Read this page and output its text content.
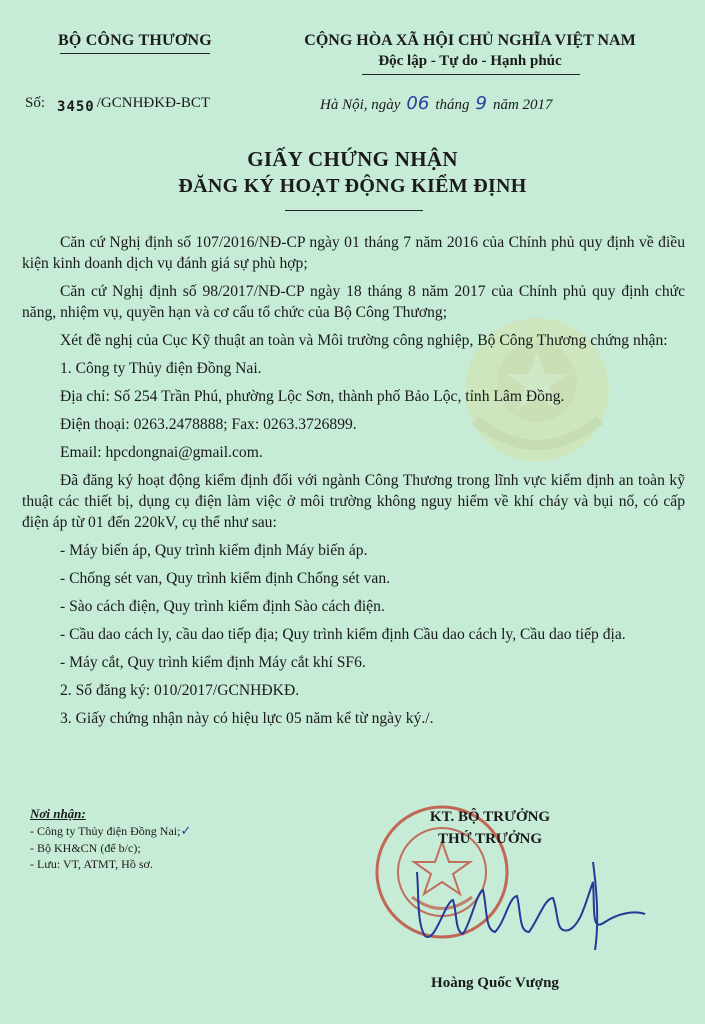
BỘ CÔNG THƯƠNG	CỘNG HÒA XÃ HỘI CHỦ NGHĨA VIỆT NAM
Độc lập - Tự do - Hạnh phúc
Số: 3450 /GCNHĐKĐ-BCT	Hà Nội, ngày 06 tháng 9 năm 2017
GIẤY CHỨNG NHẬN
ĐĂNG KÝ HOẠT ĐỘNG KIỂM ĐỊNH

Căn cứ Nghị định số 107/2016/NĐ-CP ngày 01 tháng 7 năm 2016 của Chính phủ quy định về điều kiện kinh doanh dịch vụ đánh giá sự phù hợp;

Căn cứ Nghị định số 98/2017/NĐ-CP ngày 18 tháng 8 năm 2017 của Chính phủ quy định chức năng, nhiệm vụ, quyền hạn và cơ cấu tổ chức của Bộ Công Thương;

Xét đề nghị của Cục Kỹ thuật an toàn và Môi trường công nghiệp, Bộ Công Thương chứng nhận:

1. Công ty Thủy điện Đồng Nai.

Địa chỉ: Số 254 Trần Phú, phường Lộc Sơn, thành phố Bảo Lộc, tỉnh Lâm Đồng.

Điện thoại: 0263.2478888; Fax: 0263.3726899.

Email: hpcdongnai@gmail.com.

Đã đăng ký hoạt động kiểm định đối với ngành Công Thương trong lĩnh vực kiểm định an toàn kỹ thuật các thiết bị, dụng cụ điện làm việc ở môi trường không nguy hiểm về khí cháy và bụi nổ, có cấp điện áp từ 01 đến 220kV, cụ thể như sau:

- Máy biến áp, Quy trình kiểm định Máy biến áp.

- Chống sét van, Quy trình kiểm định Chống sét van.

- Sào cách điện, Quy trình kiểm định Sào cách điện.

- Cầu dao cách ly, cầu dao tiếp địa; Quy trình kiểm định Cầu dao cách ly, Cầu dao tiếp địa.

- Máy cắt, Quy trình kiểm định Máy cắt khí SF6.

2. Số đăng ký: 010/2017/GCNHĐKĐ.

3. Giấy chứng nhận này có hiệu lực 05 năm kể từ ngày ký./.

Nơi nhận:
- Công ty Thủy điện Đồng Nai;✓
- Bộ KH&CN (để b/c);
- Lưu: VT, ATMT, Hồ sơ.
KT. BỘ TRƯỞNG
THỨ TRƯỞNG
Hoàng Quốc Vượng
